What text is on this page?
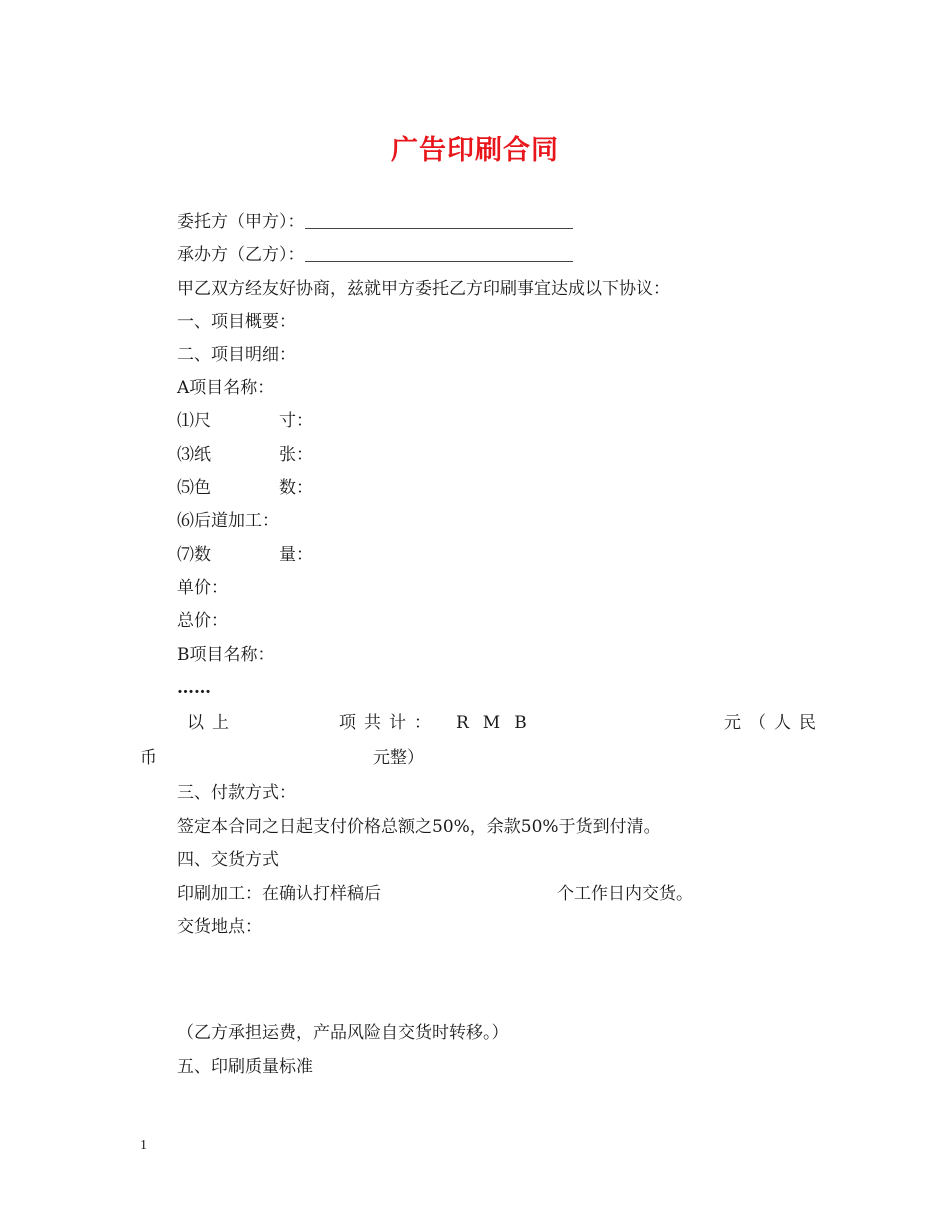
广告印刷合同
委托方（甲方）：
承办方（乙方）：
甲乙双方经友好协商，兹就甲方委托乙方印刷事宜达成以下协议：
一、项目概要：
二、项目明细：
A项目名称：
⑴尺	寸：
⑶纸	张：
⑸色	数：
⑹后道加工：
⑺数	量：
单价：
总价：
B项目名称：
……
以上	项共计： RMB	元（人民
币	元整）
三、付款方式：
签定本合同之日起支付价格总额之50%，余款50%于货到付清。
四、交货方式
印刷加工：在确认打样稿后	个工作日内交货。
交货地点：
（乙方承担运费，产品风险自交货时转移。）
五、印刷质量标准
1
